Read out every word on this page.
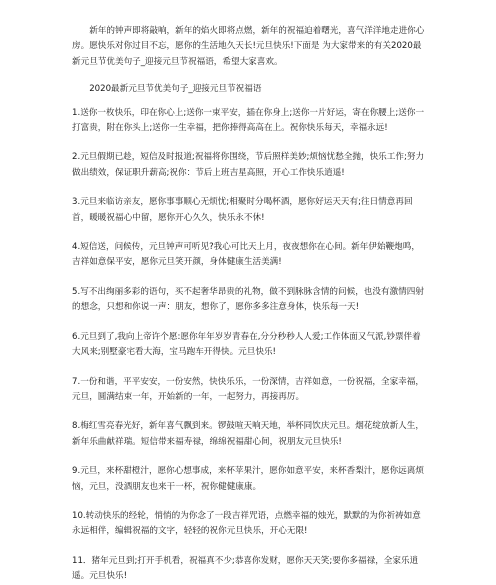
新年的钟声即将敲响，新年的焰火即将点燃，新年的祝福迫着曙光，喜气洋洋地走进你心房。愿快乐对你过目不忘，愿你的生活地久天长!元旦快乐!下面是 为大家带来的有关2020最新元旦节优美句子_迎接元旦节祝福语，希望大家喜欢。

2020最新元旦节优美句子_迎接元旦节祝福语

1.送你一枚快乐，印在你心上;送你一束平安，插在你身上;送你一片好运，寄在你腰上;送你一打富贵，附在你头上;送你一生幸福，把你捧得高高在上。祝你快乐每天，幸福永远!

2.元旦假期已趁，短信及时报道;祝福将你围绕，节后照样美妙;烦恼忧愁全抛，快乐工作;努力做出绩效，保证职升薪高;祝你：节后上班吉星高照，开心工作快乐逍遥!

3.元旦来临访亲友，愿你事事顺心无烦忧;相聚时分喝杯酒，愿你好运天天有;往日情意再回首，暖暖祝福心中留，愿你开心久久，快乐永不休!

4.短信送，问候传，元旦钟声可听见?我心可比天上月，夜夜想你在心间。新年伊始鞭炮鸣，吉祥如意保平安，愿你元旦笑开颜，身体健康生活美满!

5.写不出绚丽多彩的语句，买不起奢华昂贵的礼物，做不到脉脉含情的问候，也没有激情四射的想念，只想和你说一声：朋友，想你了，愿你多多注意身体，快乐每一天!

6.元旦到了,我向上帝许个愿:愿你年年岁岁青春在,分分秒秒人人爱;工作体面又气派,钞票伴着大风来;别墅豪宅看大海，宝马跑车开得快。元旦快乐!

7.一份和谐，平平安安，一份安然，快快乐乐，一份深情，吉祥如意，一份祝福，全家幸福，元旦，圆满结束一年，开始新的一年，一起努力，再接再厉。

8.梅红雪亮春光好，新年喜气飘到来。锣鼓喧天响天地，举杯同饮庆元旦。烟花绽放新人生，新年乐曲献祥瑞。短信带来福寿禄，绵绵祝福甜心间，祝朋友元旦快乐!

9.元旦，来杯甜橙汁，愿你心想事成，来杯苹果汁，愿你如意平安，来杯香梨汁，愿你远离烦恼，元旦，没酒朋友也来干一杯，祝你健健康康。

10.转动快乐的经轮，悄悄的为你念了一段吉祥咒语，点燃幸福的烛光，默默的为你祈祷如意永远相伴，编辑祝福的文字，轻轻的祝你元旦快乐，开心无限!

11．猪年元旦到;打开手机看，祝福真不少;恭喜你发财，愿你天天笑;要你多福禄，全家乐逍遥。元旦快乐!
